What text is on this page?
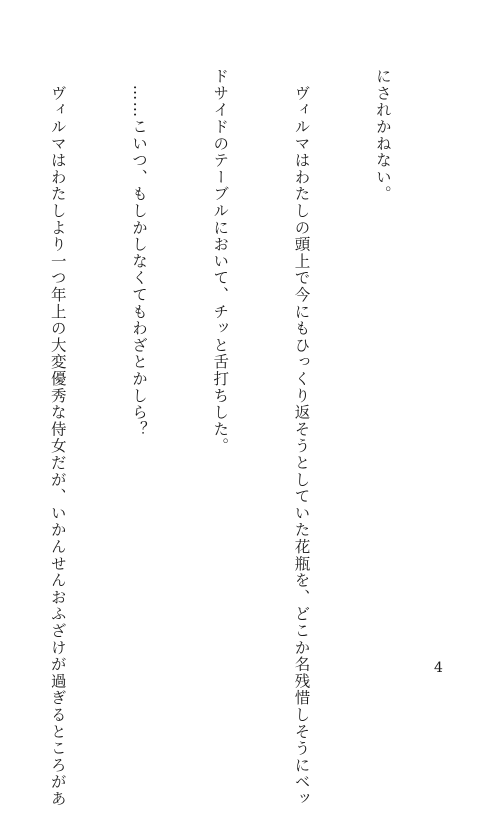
にされかねない。

　ヴィルマはわたしの頭上で今にもひっくり返そうとしていた花瓶を、どこか名残惜しそうにベッ

ドサイドのテーブルにおいて、チッと舌打ちした。

　……こいつ、もしかしなくてもわざとかしら？

　ヴィルマはわたしより一つ年上の大変優秀な侍女だが、いかんせんおふざけが過ぎるところがあ

	4
